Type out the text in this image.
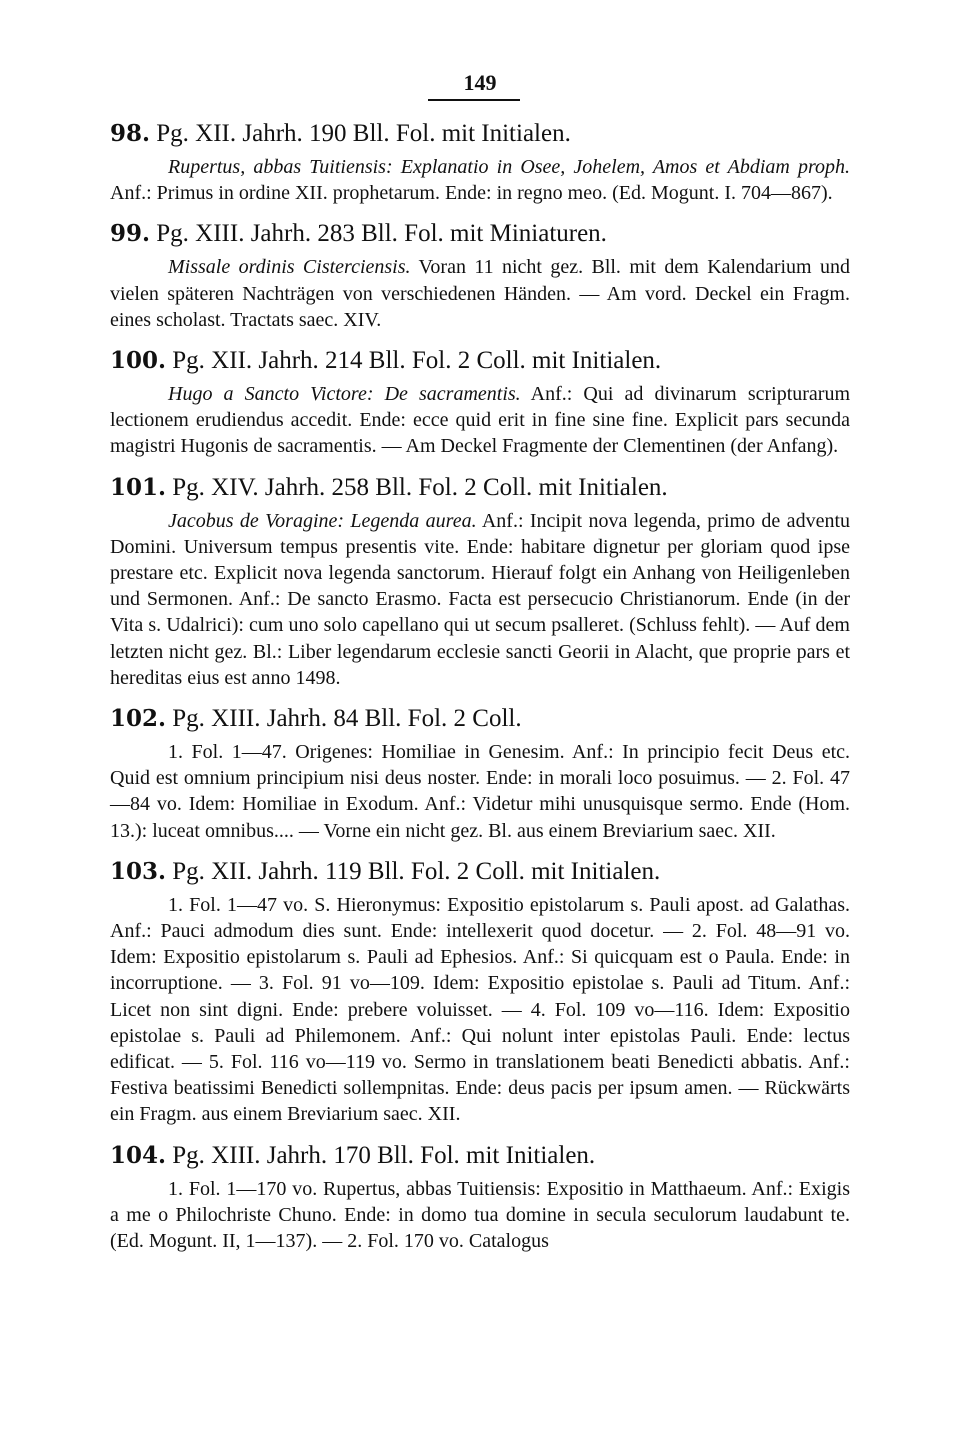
149
98. Pg. XII. Jahrh. 190 Bll. Fol. mit Initialen.
Rupertus, abbas Tuitiensis: Explanatio in Osee, Johelem, Amos et Abdiam proph. Anf.: Primus in ordine XII. prophetarum. Ende: in regno meo. (Ed. Mogunt. I. 704—867).
99. Pg. XIII. Jahrh. 283 Bll. Fol. mit Miniaturen.
Missale ordinis Cisterciensis. Voran 11 nicht gez. Bll. mit dem Kalendarium und vielen späteren Nachträgen von verschiedenen Händen. — Am vord. Deckel ein Fragm. eines scholast. Tractats saec. XIV.
100. Pg. XII. Jahrh. 214 Bll. Fol. 2 Coll. mit Initialen.
Hugo a Sancto Victore: De sacramentis. Anf.: Qui ad divinarum scripturarum lectionem erudiendus accedit. Ende: ecce quid erit in fine sine fine. Explicit pars secunda magistri Hugonis de sacramentis. — Am Deckel Fragmente der Clementinen (der Anfang).
101. Pg. XIV. Jahrh. 258 Bll. Fol. 2 Coll. mit Initialen.
Jacobus de Voragine: Legenda aurea. Anf.: Incipit nova legenda, primo de adventu Domini. Universum tempus presentis vite. Ende: habitare dignetur per gloriam quod ipse prestare etc. Explicit nova legenda sanctorum. Hierauf folgt ein Anhang von Heiligenleben und Sermonen. Anf.: De sancto Erasmo. Facta est persecucio Christianorum. Ende (in der Vita s. Udalrici): cum uno solo capellano qui ut secum psalleret. (Schluss fehlt). — Auf dem letzten nicht gez. Bl.: Liber legendarum ecclesie sancti Georii in Alacht, que proprie pars et hereditas eius est anno 1498.
102. Pg. XIII. Jahrh. 84 Bll. Fol. 2 Coll.
1. Fol. 1—47. Origenes: Homiliae in Genesim. Anf.: In principio fecit Deus etc. Quid est omnium principium nisi deus noster. Ende: in morali loco posuimus. — 2. Fol. 47—84 vo. Idem: Homiliae in Exodum. Anf.: Videtur mihi unusquisque sermo. Ende (Hom. 13.): luceat omnibus.... — Vorne ein nicht gez. Bl. aus einem Breviarium saec. XII.
103. Pg. XII. Jahrh. 119 Bll. Fol. 2 Coll. mit Initialen.
1. Fol. 1—47 vo. S. Hieronymus: Expositio epistolarum s. Pauli apost. ad Galathas. Anf.: Pauci admodum dies sunt. Ende: intellexerit quod docetur. — 2. Fol. 48—91 vo. Idem: Expositio epistolarum s. Pauli ad Ephesios. Anf.: Si quicquam est o Paula. Ende: in incorruptione. — 3. Fol. 91 vo—109. Idem: Expositio epistolae s. Pauli ad Titum. Anf.: Licet non sint digni. Ende: prebere voluisset. — 4. Fol. 109 vo—116. Idem: Expositio epistolae s. Pauli ad Philemonem. Anf.: Qui nolunt inter epistolas Pauli. Ende: lectus edificat. — 5. Fol. 116 vo—119 vo. Sermo in translationem beati Benedicti abbatis. Anf.: Festiva beatissimi Benedicti sollempnitas. Ende: deus pacis per ipsum amen. — Rückwärts ein Fragm. aus einem Breviarium saec. XII.
104. Pg. XIII. Jahrh. 170 Bll. Fol. mit Initialen.
1. Fol. 1—170 vo. Rupertus, abbas Tuitiensis: Expositio in Matthaeum. Anf.: Exigis a me o Philochriste Chuno. Ende: in domo tua domine in secula seculorum laudabunt te. (Ed. Mogunt. II, 1—137). — 2. Fol. 170 vo. Catalogus
